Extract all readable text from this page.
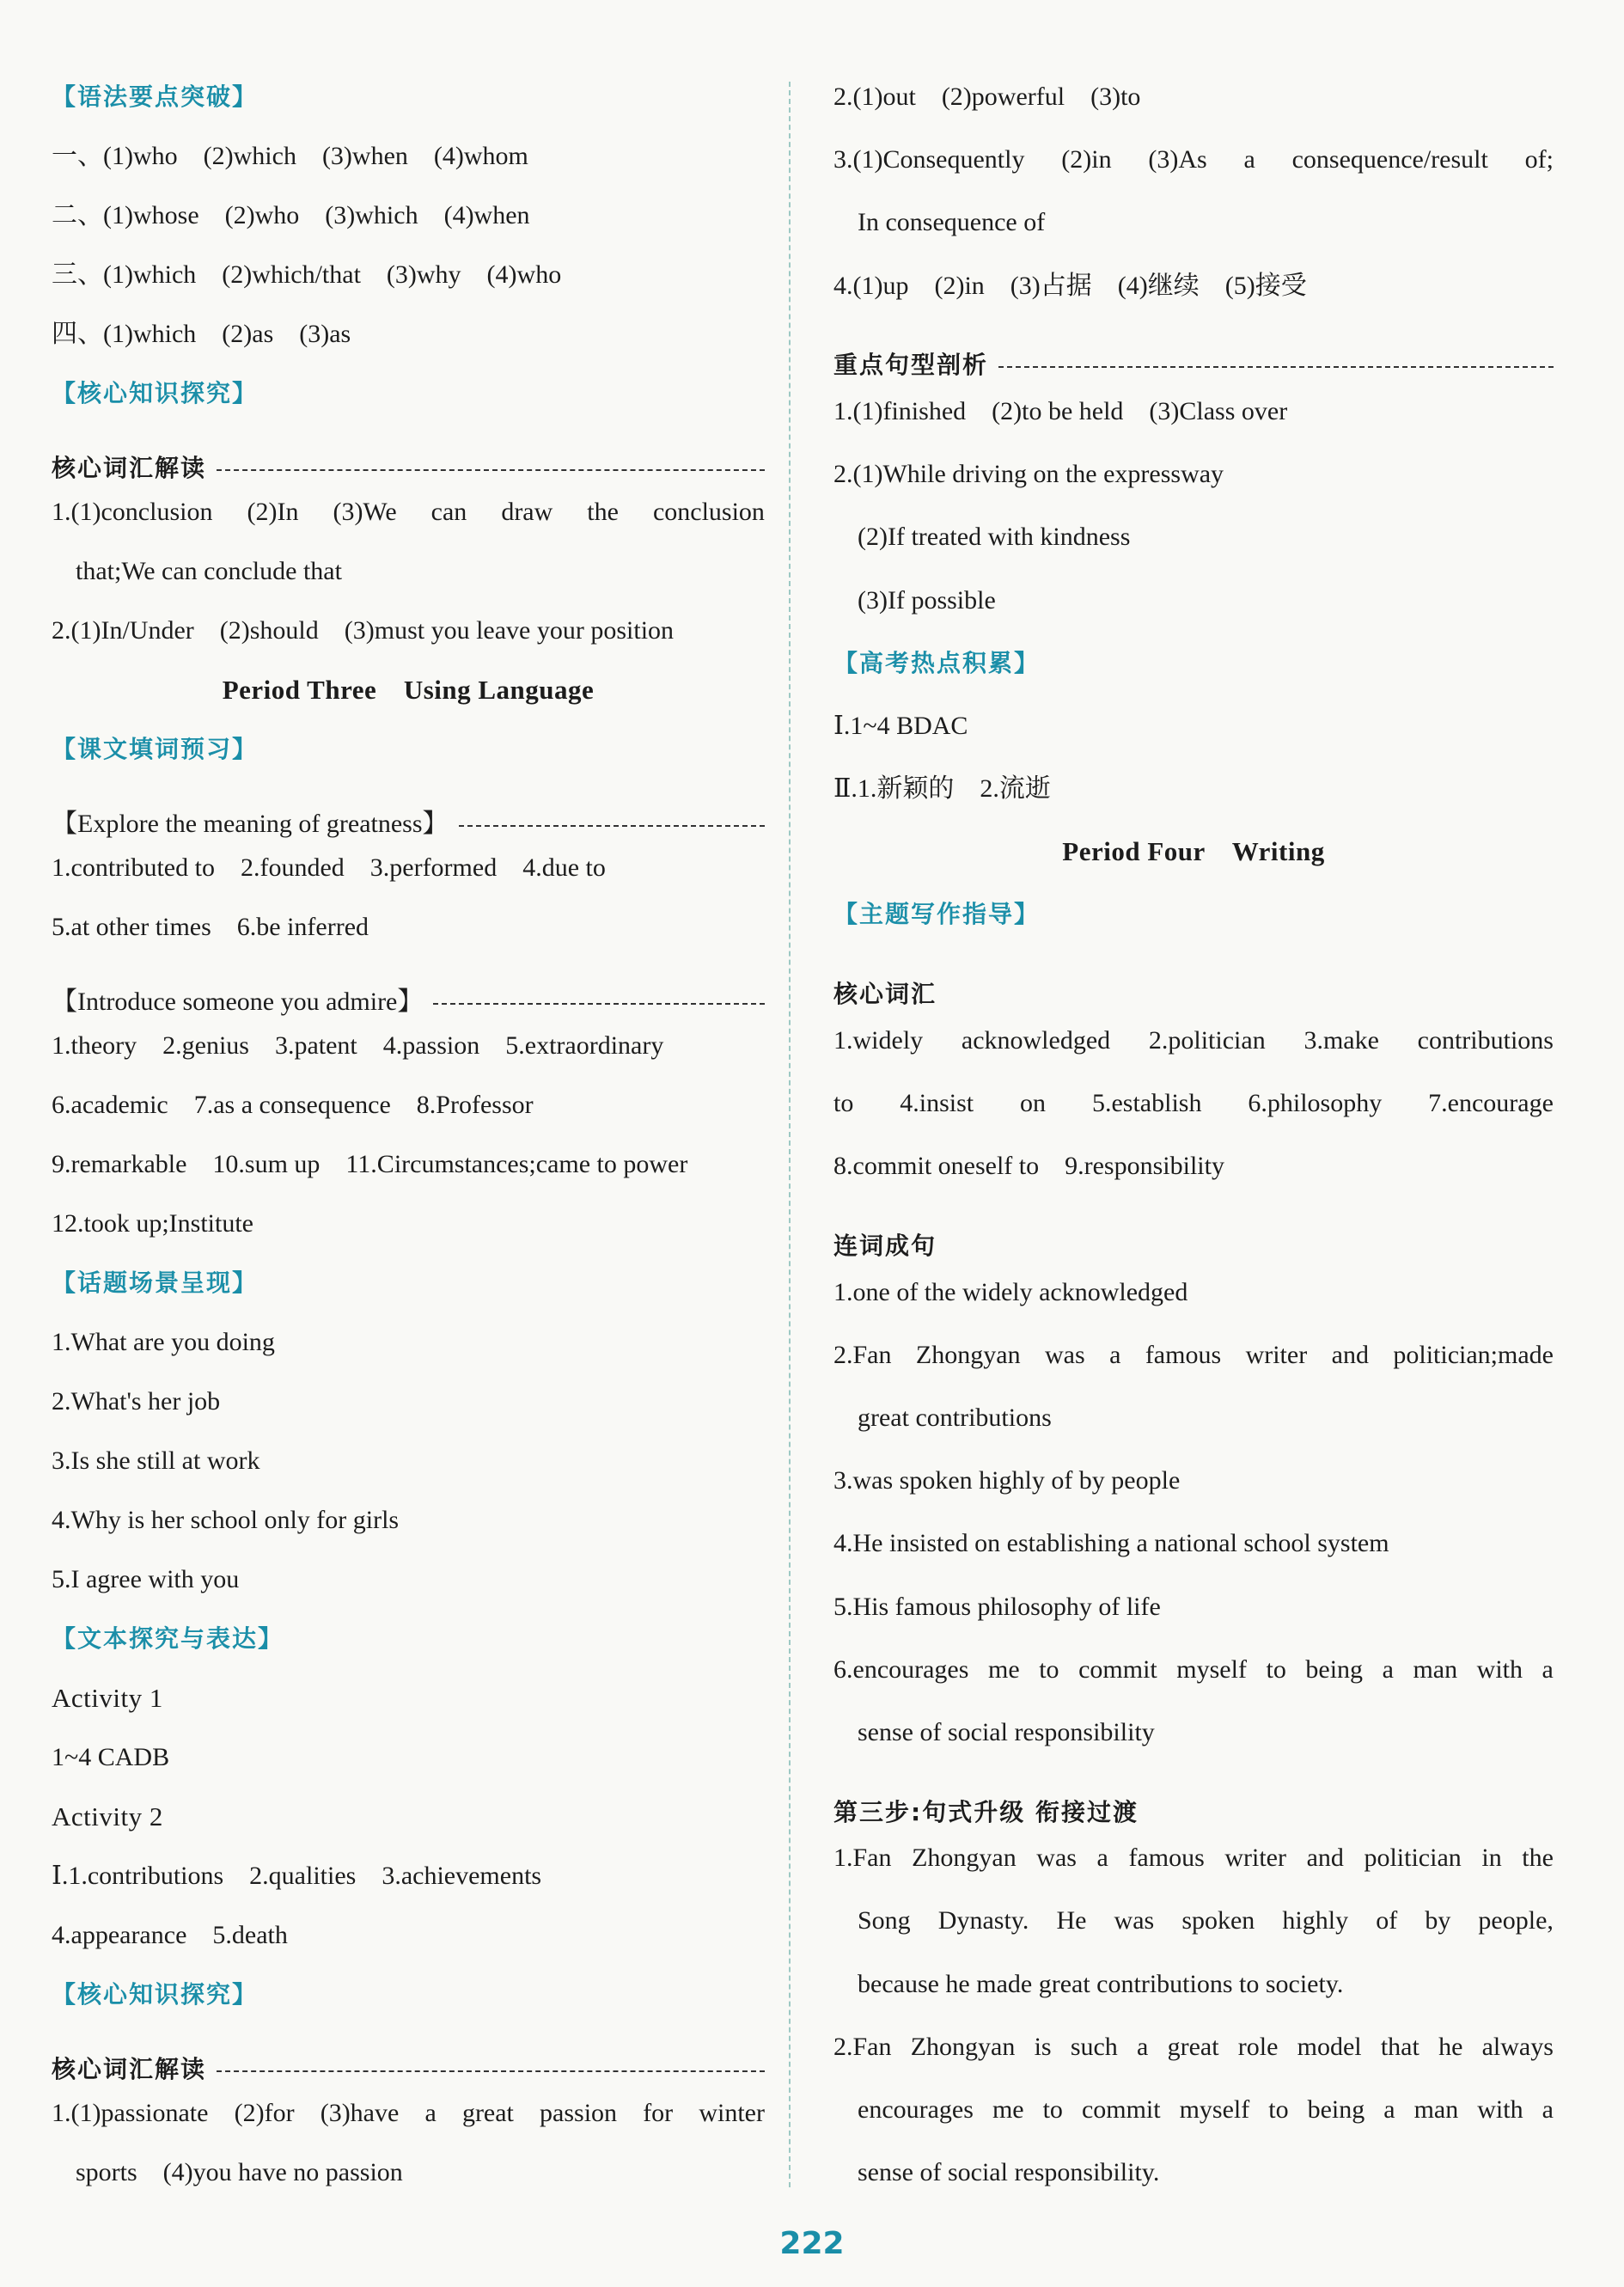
【语法要点突破】
一、(1)who　(2)which　(3)when　(4)whom
二、(1)whose　(2)who　(3)which　(4)when
三、(1)which　(2)which/that　(3)why　(4)who
四、(1)which　(2)as　(3)as
【核心知识探究】
核心词汇解读
1.(1)conclusion (2)In (3)We can draw the conclusion
that;We can conclude that
2.(1)In/Under　(2)should　(3)must you leave your position
Period Three　Using Language
【课文填词预习】
【Explore the meaning of greatness】
1.contributed to　2.founded　3.performed　4.due to
5.at other times　6.be inferred
【Introduce someone you admire】
1.theory　2.genius　3.patent　4.passion　5.extraordinary
6.academic　7.as a consequence　8.Professor
9.remarkable　10.sum up　11.Circumstances;came to power
12.took up;Institute
【话题场景呈现】
1.What are you doing
2.What's her job
3.Is she still at work
4.Why is her school only for girls
5.I agree with you
【文本探究与表达】
Activity 1
1~4 CADB
Activity 2
Ⅰ.1.contributions　2.qualities　3.achievements
4.appearance　5.death
【核心知识探究】
核心词汇解读
1.(1)passionate (2)for (3)have a great passion for winter
sports　(4)you have no passion
2.(1)out　(2)powerful　(3)to
3.(1)Consequently (2)in (3)As a consequence/result of;
In consequence of
4.(1)up　(2)in　(3)占据　(4)继续　(5)接受
重点句型剖析
1.(1)finished　(2)to be held　(3)Class over
2.(1)While driving on the expressway
(2)If treated with kindness
(3)If possible
【高考热点积累】
Ⅰ.1~4 BDAC
Ⅱ.1.新颖的　2.流逝
Period Four　Writing
【主题写作指导】
核心词汇
1.widely acknowledged 2.politician 3.make contributions
to 4.insist on 5.establish 6.philosophy 7.encourage
8.commit oneself to　9.responsibility
连词成句
1.one of the widely acknowledged
2.Fan Zhongyan was a famous writer and politician;made
great contributions
3.was spoken highly of by people
4.He insisted on establishing a national school system
5.His famous philosophy of life
6.encourages me to commit myself to being a man with a
sense of social responsibility
第三步:句式升级 衔接过渡
1.Fan Zhongyan was a famous writer and politician in the
Song Dynasty. He was spoken highly of by people,
because he made great contributions to society.
2.Fan Zhongyan is such a great role model that he always
encourages me to commit myself to being a man with a
sense of social responsibility.
222
